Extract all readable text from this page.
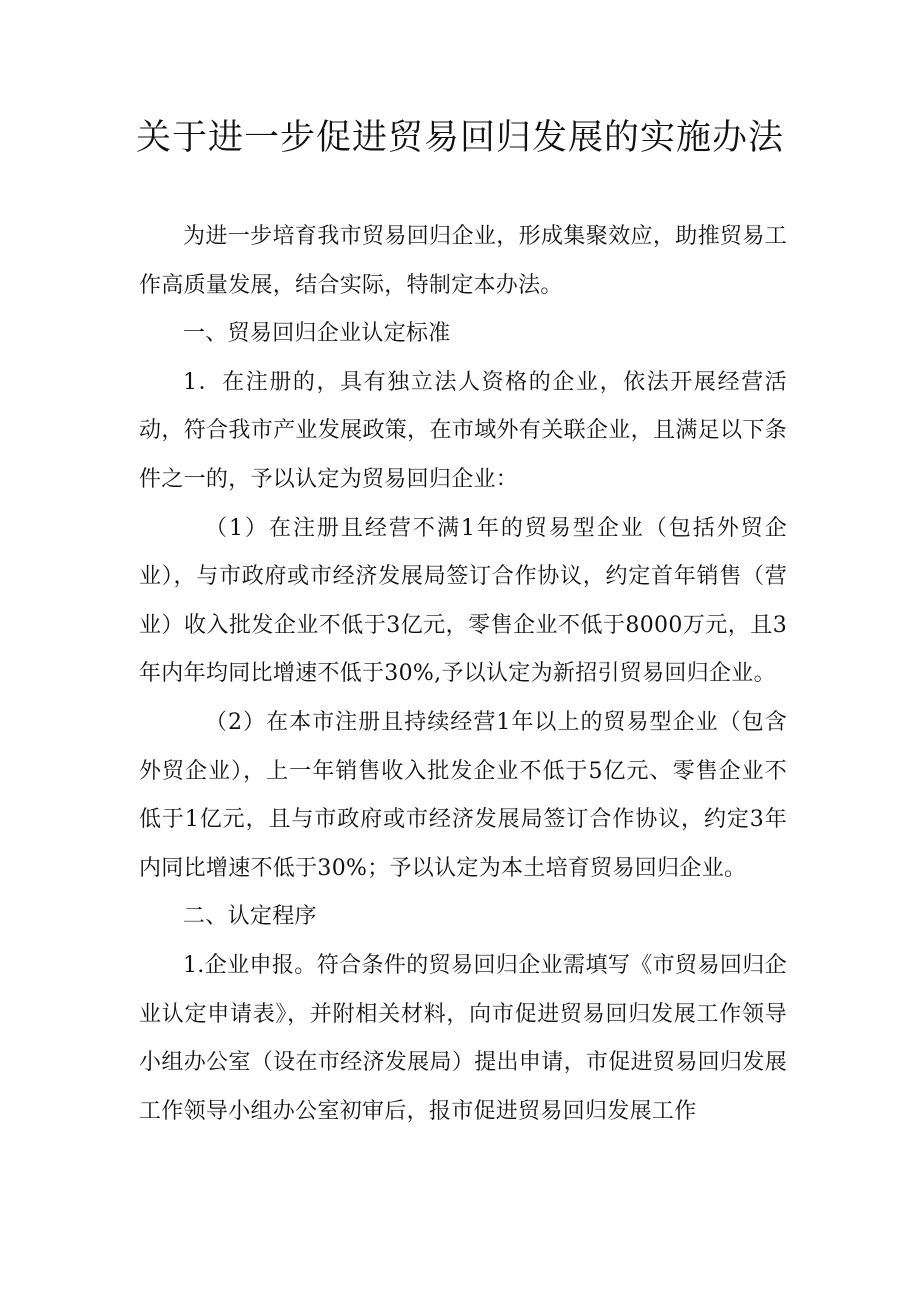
关于进一步促进贸易回归发展的实施办法

为进一步培育我市贸易回归企业，形成集聚效应，助推贸易工作高质量发展，结合实际，特制定本办法。

一、贸易回归企业认定标准

1．在注册的，具有独立法人资格的企业，依法开展经营活动，符合我市产业发展政策，在市域外有关联企业，且满足以下条件之一的，予以认定为贸易回归企业：

（1）在注册且经营不满1年的贸易型企业（包括外贸企业），与市政府或市经济发展局签订合作协议，约定首年销售（营业）收入批发企业不低于3亿元，零售企业不低于8000万元，且3年内年均同比增速不低于30%,予以认定为新招引贸易回归企业。

（2）在本市注册且持续经营1年以上的贸易型企业（包含外贸企业），上一年销售收入批发企业不低于5亿元、零售企业不低于1亿元，且与市政府或市经济发展局签订合作协议，约定3年内同比增速不低于30%；予以认定为本土培育贸易回归企业。

二、认定程序

1.企业申报。符合条件的贸易回归企业需填写《市贸易回归企业认定申请表》，并附相关材料，向市促进贸易回归发展工作领导小组办公室（设在市经济发展局）提出申请，市促进贸易回归发展工作领导小组办公室初审后，报市促进贸易回归发展工作
